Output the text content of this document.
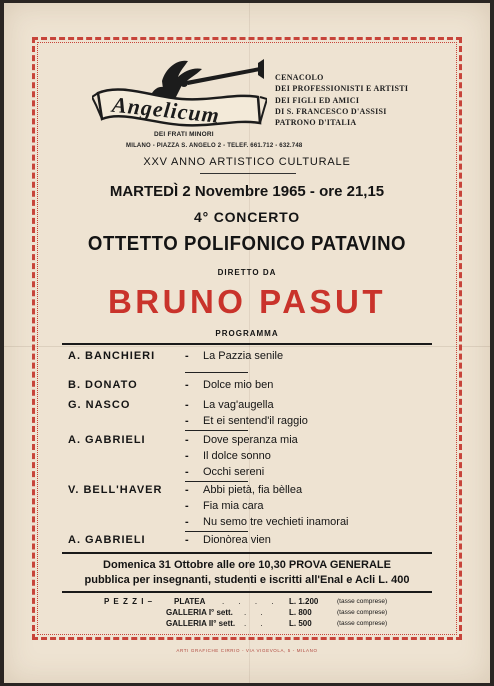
Angelicum
DEI FRATI MINORI
MILANO - PIAZZA S. ANGELO 2 - TELEF. 661.712 - 632.748
CENACOLO
DEI PROFESSIONISTI E ARTISTI
DEI FIGLI ED AMICI
DI S. FRANCESCO D'ASSISI
PATRONO D'ITALIA
XXV ANNO ARTISTICO CULTURALE
MARTEDÌ 2 Novembre 1965 - ore 21,15
4° CONCERTO
OTTETTO POLIFONICO PATAVINO
DIRETTO DA
BRUNO PASUT
PROGRAMMA
A. BANCHIERI	- La Pazzia senile
B. DONATO	- Dolce mio ben
G. NASCO	- La vag'augella
- Et ei sentend'il raggio
A. GABRIELI	- Dove speranza mia
- Il dolce sonno
- Occhi sereni
V. BELL'HAVER - Abbi pietà, fia bèllea
- Fia mia cara
- Nu semo tre vechieti inamorai
A. GABRIELI	- Dionòrea vien
Domenica 31 Ottobre alle ore 10,30 PROVA GENERALE
pubblica per insegnanti, studenti e iscritti all'Enal e Acli L. 400
P E Z Z I –	PLATEA . . . . L. 1.200	(tasse comprese)
GALLERIA I° sett. . .	L. 800	(tasse comprese)
GALLERIA II° sett. . .	L. 500	(tasse comprese)
ARTI GRAFICHE CIRRIO - VIA VIGEVOLA, 5 - MILANO
